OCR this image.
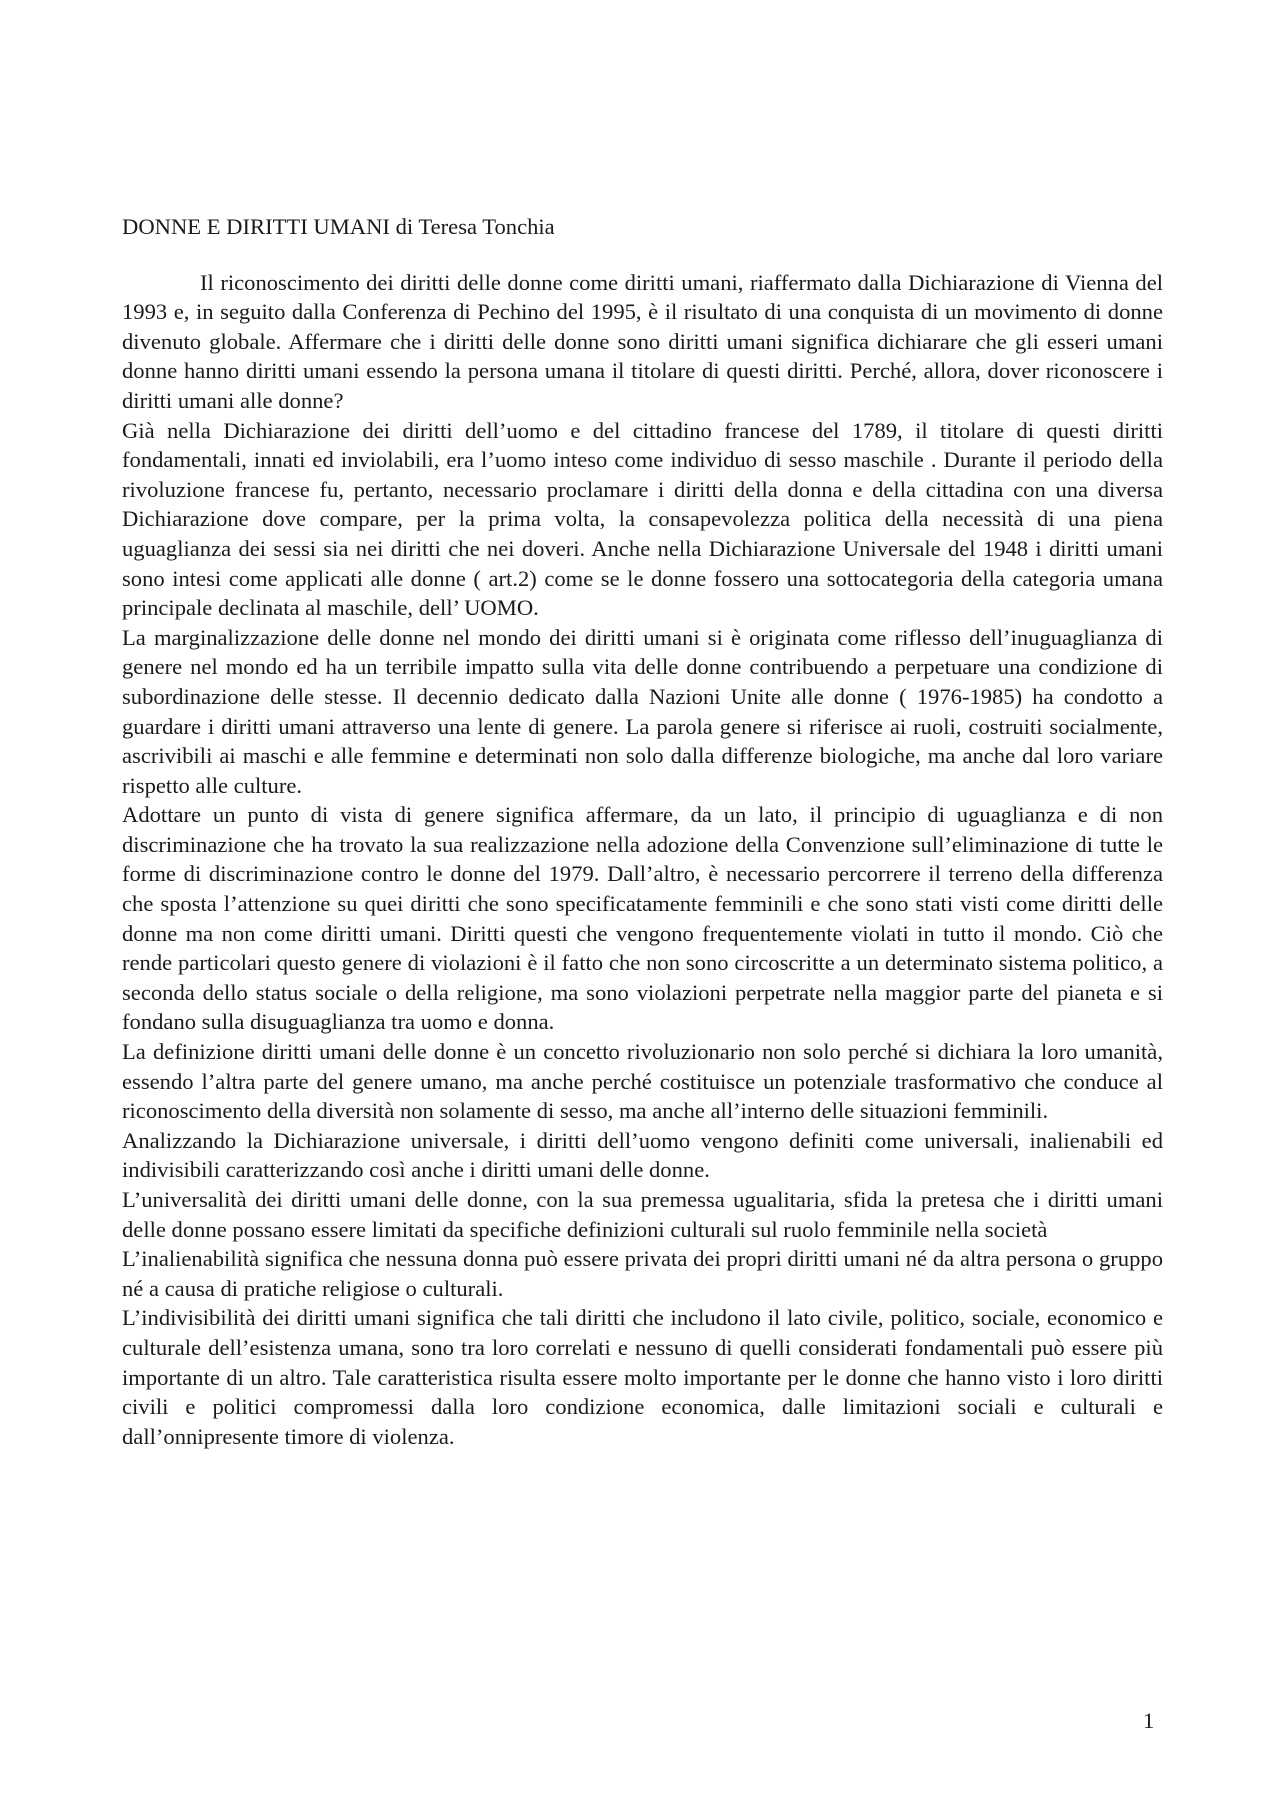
DONNE E DIRITTI UMANI di Teresa Tonchia

Il riconoscimento dei diritti delle donne come diritti umani, riaffermato dalla Dichiarazione di Vienna del 1993 e, in seguito dalla Conferenza di Pechino del 1995, è il risultato di una conquista di un movimento di donne divenuto globale. Affermare che i diritti delle donne sono diritti umani significa dichiarare che gli esseri umani donne hanno diritti umani essendo la persona umana il titolare di questi diritti. Perché, allora, dover riconoscere i diritti umani alle donne?

Già nella Dichiarazione dei diritti dell’uomo e del cittadino francese del 1789, il titolare di questi diritti fondamentali, innati ed inviolabili, era l’uomo inteso come individuo di sesso maschile . Durante il periodo della rivoluzione francese fu, pertanto, necessario proclamare i diritti della donna e della cittadina con una diversa Dichiarazione dove compare, per la prima volta, la consapevolezza politica della necessità di una piena uguaglianza dei sessi sia nei diritti che nei doveri. Anche nella Dichiarazione Universale del 1948 i diritti umani sono intesi come applicati alle donne ( art.2) come se le donne fossero una sottocategoria della categoria umana principale declinata al maschile, dell’ UOMO.

La marginalizzazione delle donne nel mondo dei diritti umani si è originata come riflesso dell’inuguaglianza di genere nel mondo ed ha un terribile impatto sulla vita delle donne contribuendo a perpetuare una condizione di subordinazione delle stesse. Il decennio dedicato dalla Nazioni Unite alle donne ( 1976-1985) ha condotto a guardare i diritti umani attraverso una lente di genere. La parola genere si riferisce ai ruoli, costruiti socialmente, ascrivibili ai maschi e alle femmine e determinati non solo dalla differenze biologiche, ma anche dal loro variare rispetto alle culture.

Adottare un punto di vista di genere significa affermare, da un lato, il principio di uguaglianza e di non discriminazione che ha trovato la sua realizzazione nella adozione della Convenzione sull’eliminazione di tutte le forme di discriminazione contro le donne del 1979. Dall’altro, è necessario percorrere il terreno della differenza che sposta l’attenzione su quei diritti che sono specificatamente femminili e che sono stati visti come diritti delle donne ma non come diritti umani. Diritti questi che vengono frequentemente violati in tutto il mondo. Ciò che rende particolari questo genere di violazioni è il fatto che non sono circoscritte a un determinato sistema politico, a seconda dello status sociale o della religione, ma sono violazioni perpetrate nella maggior parte del pianeta e si fondano sulla disuguaglianza tra uomo e donna.

La definizione diritti umani delle donne è un concetto rivoluzionario non solo perché si dichiara la loro umanità, essendo l’altra parte del genere umano, ma anche perché costituisce un potenziale trasformativo che conduce al riconoscimento della diversità non solamente di sesso, ma anche all’interno delle situazioni femminili.

Analizzando la Dichiarazione universale, i diritti dell’uomo vengono definiti come universali, inalienabili ed indivisibili caratterizzando così anche i diritti umani delle donne.

L’universalità dei diritti umani delle donne, con la sua premessa ugualitaria, sfida la pretesa che i diritti umani delle donne possano essere limitati da specifiche definizioni culturali sul ruolo femminile nella società

L’inalienabilità significa che nessuna donna può essere privata dei propri diritti umani né da altra persona o gruppo né a causa di pratiche religiose o culturali.

L’indivisibilità dei diritti umani significa che tali diritti che includono il lato civile, politico, sociale, economico e culturale dell’esistenza umana, sono tra loro correlati e nessuno di quelli considerati fondamentali può essere più importante di un altro. Tale caratteristica risulta essere molto importante per le donne che hanno visto i loro diritti civili e politici compromessi dalla loro condizione economica, dalle limitazioni sociali e culturali e dall’onnipresente timore di violenza.

1
